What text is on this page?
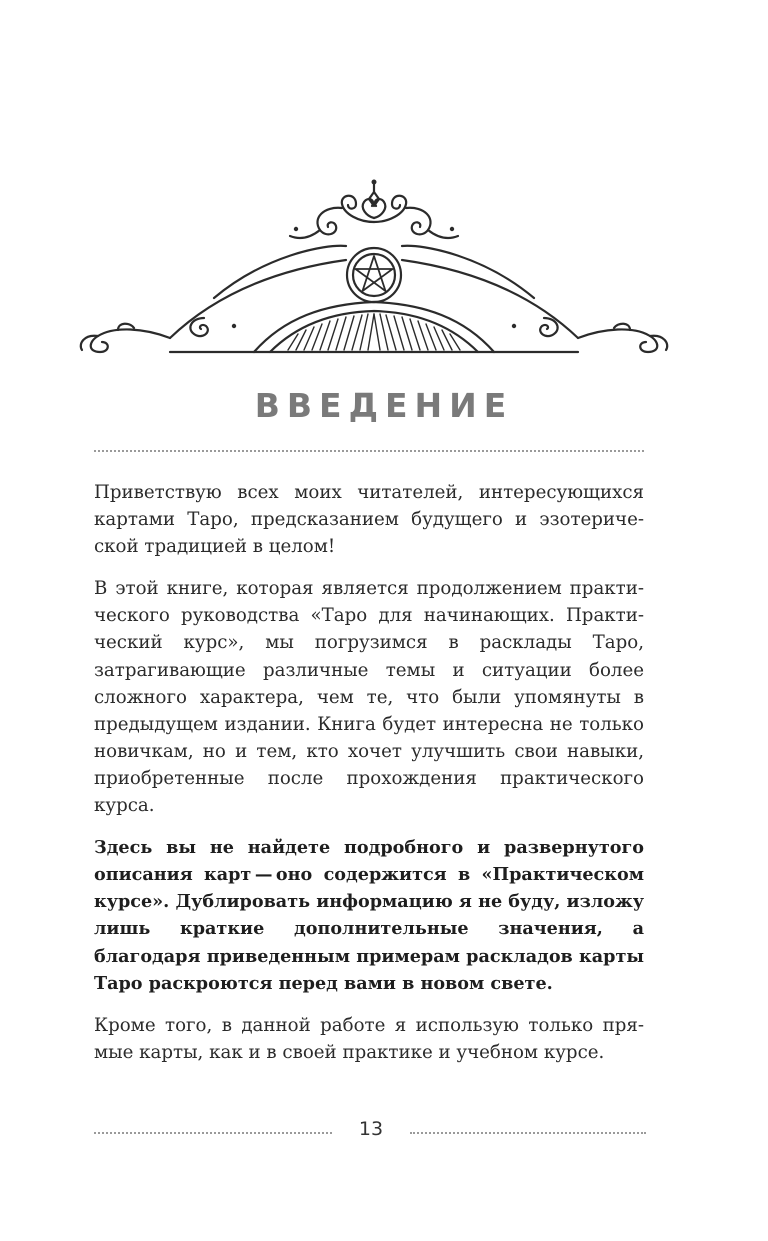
ВВЕДЕНИЕ

Приветствую всех моих читателей, интересующихся картами Таро, предсказанием будущего и эзотерической традицией в целом!

В этой книге, которая является продолжением практического руководства «Таро для начинающих. Практический курс», мы погрузимся в расклады Таро, затрагивающие различные темы и ситуации более сложного характера, чем те, что были упомянуты в предыдущем издании. Книга будет интересна не только новичкам, но и тем, кто хочет улучшить свои навыки, приобретенные после прохождения практического курса.

Здесь вы не найдете подробного и развернутого описания карт — оно содержится в «Практическом курсе». Дублировать информацию я не буду, изложу лишь краткие дополнительные значения, а благодаря приведенным примерам раскладов карты Таро раскроются перед вами в новом свете.

Кроме того, в данной работе я использую только прямые карты, как и в своей практике и учебном курсе.

13
